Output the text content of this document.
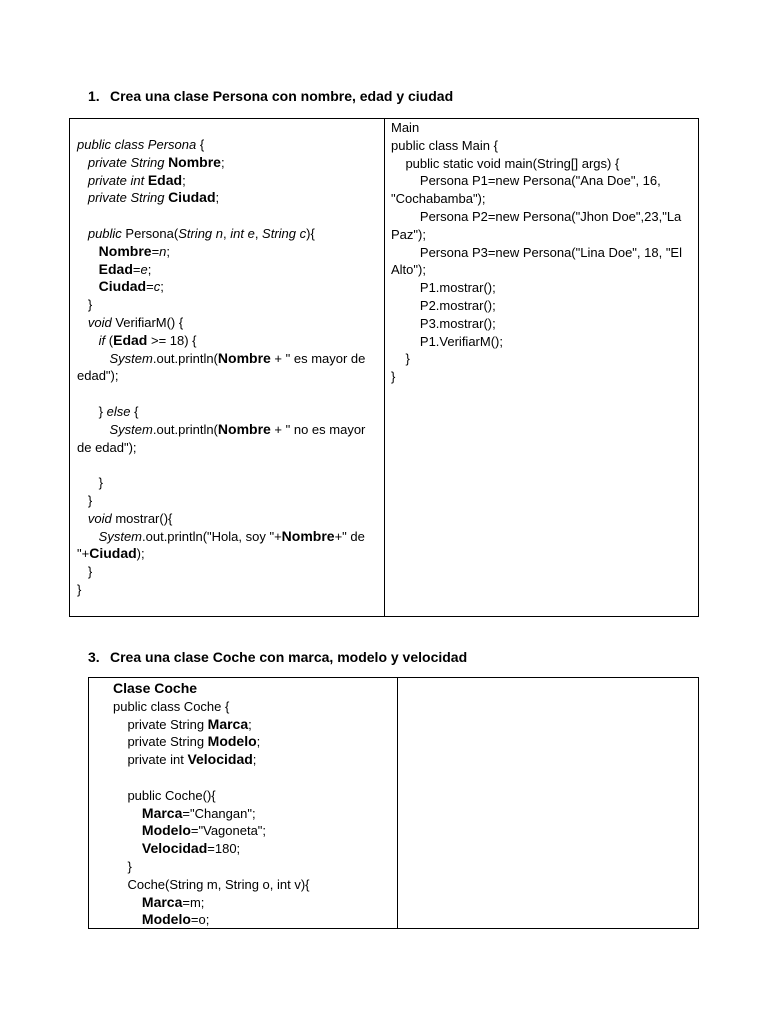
1. Crea una clase Persona con nombre, edad y ciudad
public class Persona {
private String Nombre;
private int Edad;
private String Ciudad;
public Persona(String n, int e, String c){
Nombre=n;
Edad=e;
Ciudad=c;
}
void VerifiarM() {
if (Edad >= 18) {
System.out.println(Nombre + " es mayor de edad");
} else {
System.out.println(Nombre + " no es mayor de edad");
}
}
void mostrar(){
System.out.println("Hola, soy "+Nombre+" de "+Ciudad);
}
}
Main
public class Main {
public static void main(String[] args) {
Persona P1=new Persona("Ana Doe", 16, "Cochabamba");
Persona P2=new Persona("Jhon Doe",23,"La Paz");
Persona P3=new Persona("Lina Doe", 18, "El Alto");
P1.mostrar();
P2.mostrar();
P3.mostrar();
P1.VerifiarM();
}
}
3. Crea una clase Coche con marca, modelo y velocidad
Clase Coche
public class Coche {
private String Marca;
private String Modelo;
private int Velocidad;
public Coche(){
Marca="Changan";
Modelo="Vagoneta";
Velocidad=180;
}
Coche(String m, String o, int v){
Marca=m;
Modelo=o;
